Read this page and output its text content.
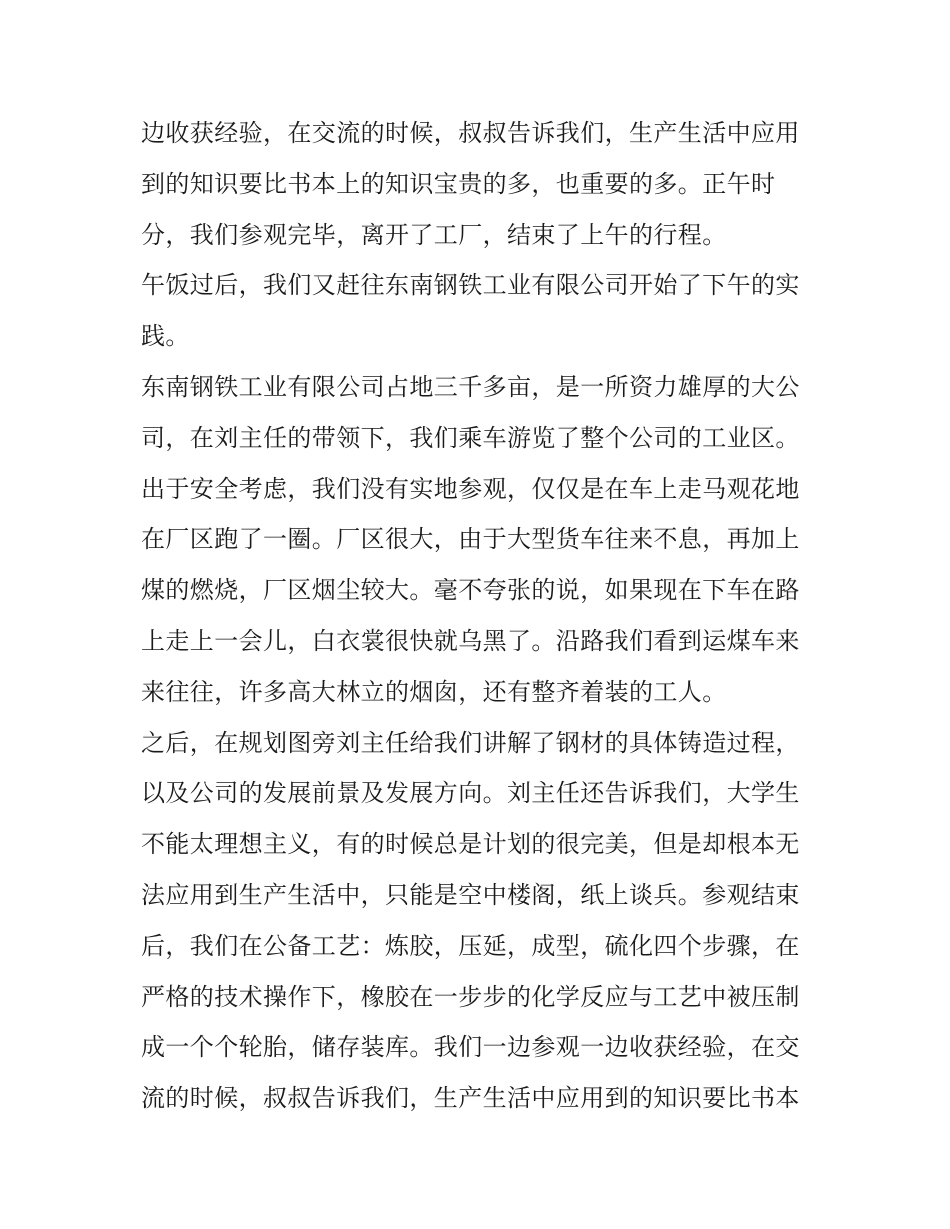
边收获经验，在交流的时候，叔叔告诉我们，生产生活中应用
到的知识要比书本上的知识宝贵的多，也重要的多。正午时
分，我们参观完毕，离开了工厂，结束了上午的行程。
午饭过后，我们又赶往东南钢铁工业有限公司开始了下午的实
践。
东南钢铁工业有限公司占地三千多亩，是一所资力雄厚的大公
司，在刘主任的带领下，我们乘车游览了整个公司的工业区。
出于安全考虑，我们没有实地参观，仅仅是在车上走马观花地
在厂区跑了一圈。厂区很大，由于大型货车往来不息，再加上
煤的燃烧，厂区烟尘较大。毫不夸张的说，如果现在下车在路
上走上一会儿，白衣裳很快就乌黑了。沿路我们看到运煤车来
来往往，许多高大林立的烟囱，还有整齐着装的工人。
之后，在规划图旁刘主任给我们讲解了钢材的具体铸造过程，
以及公司的发展前景及发展方向。刘主任还告诉我们，大学生
不能太理想主义，有的时候总是计划的很完美，但是却根本无
法应用到生产生活中，只能是空中楼阁，纸上谈兵。参观结束
后，我们在公备工艺：炼胶，压延，成型，硫化四个步骤，在
严格的技术操作下，橡胶在一步步的化学反应与工艺中被压制
成一个个轮胎，储存装库。我们一边参观一边收获经验，在交
流的时候，叔叔告诉我们，生产生活中应用到的知识要比书本
